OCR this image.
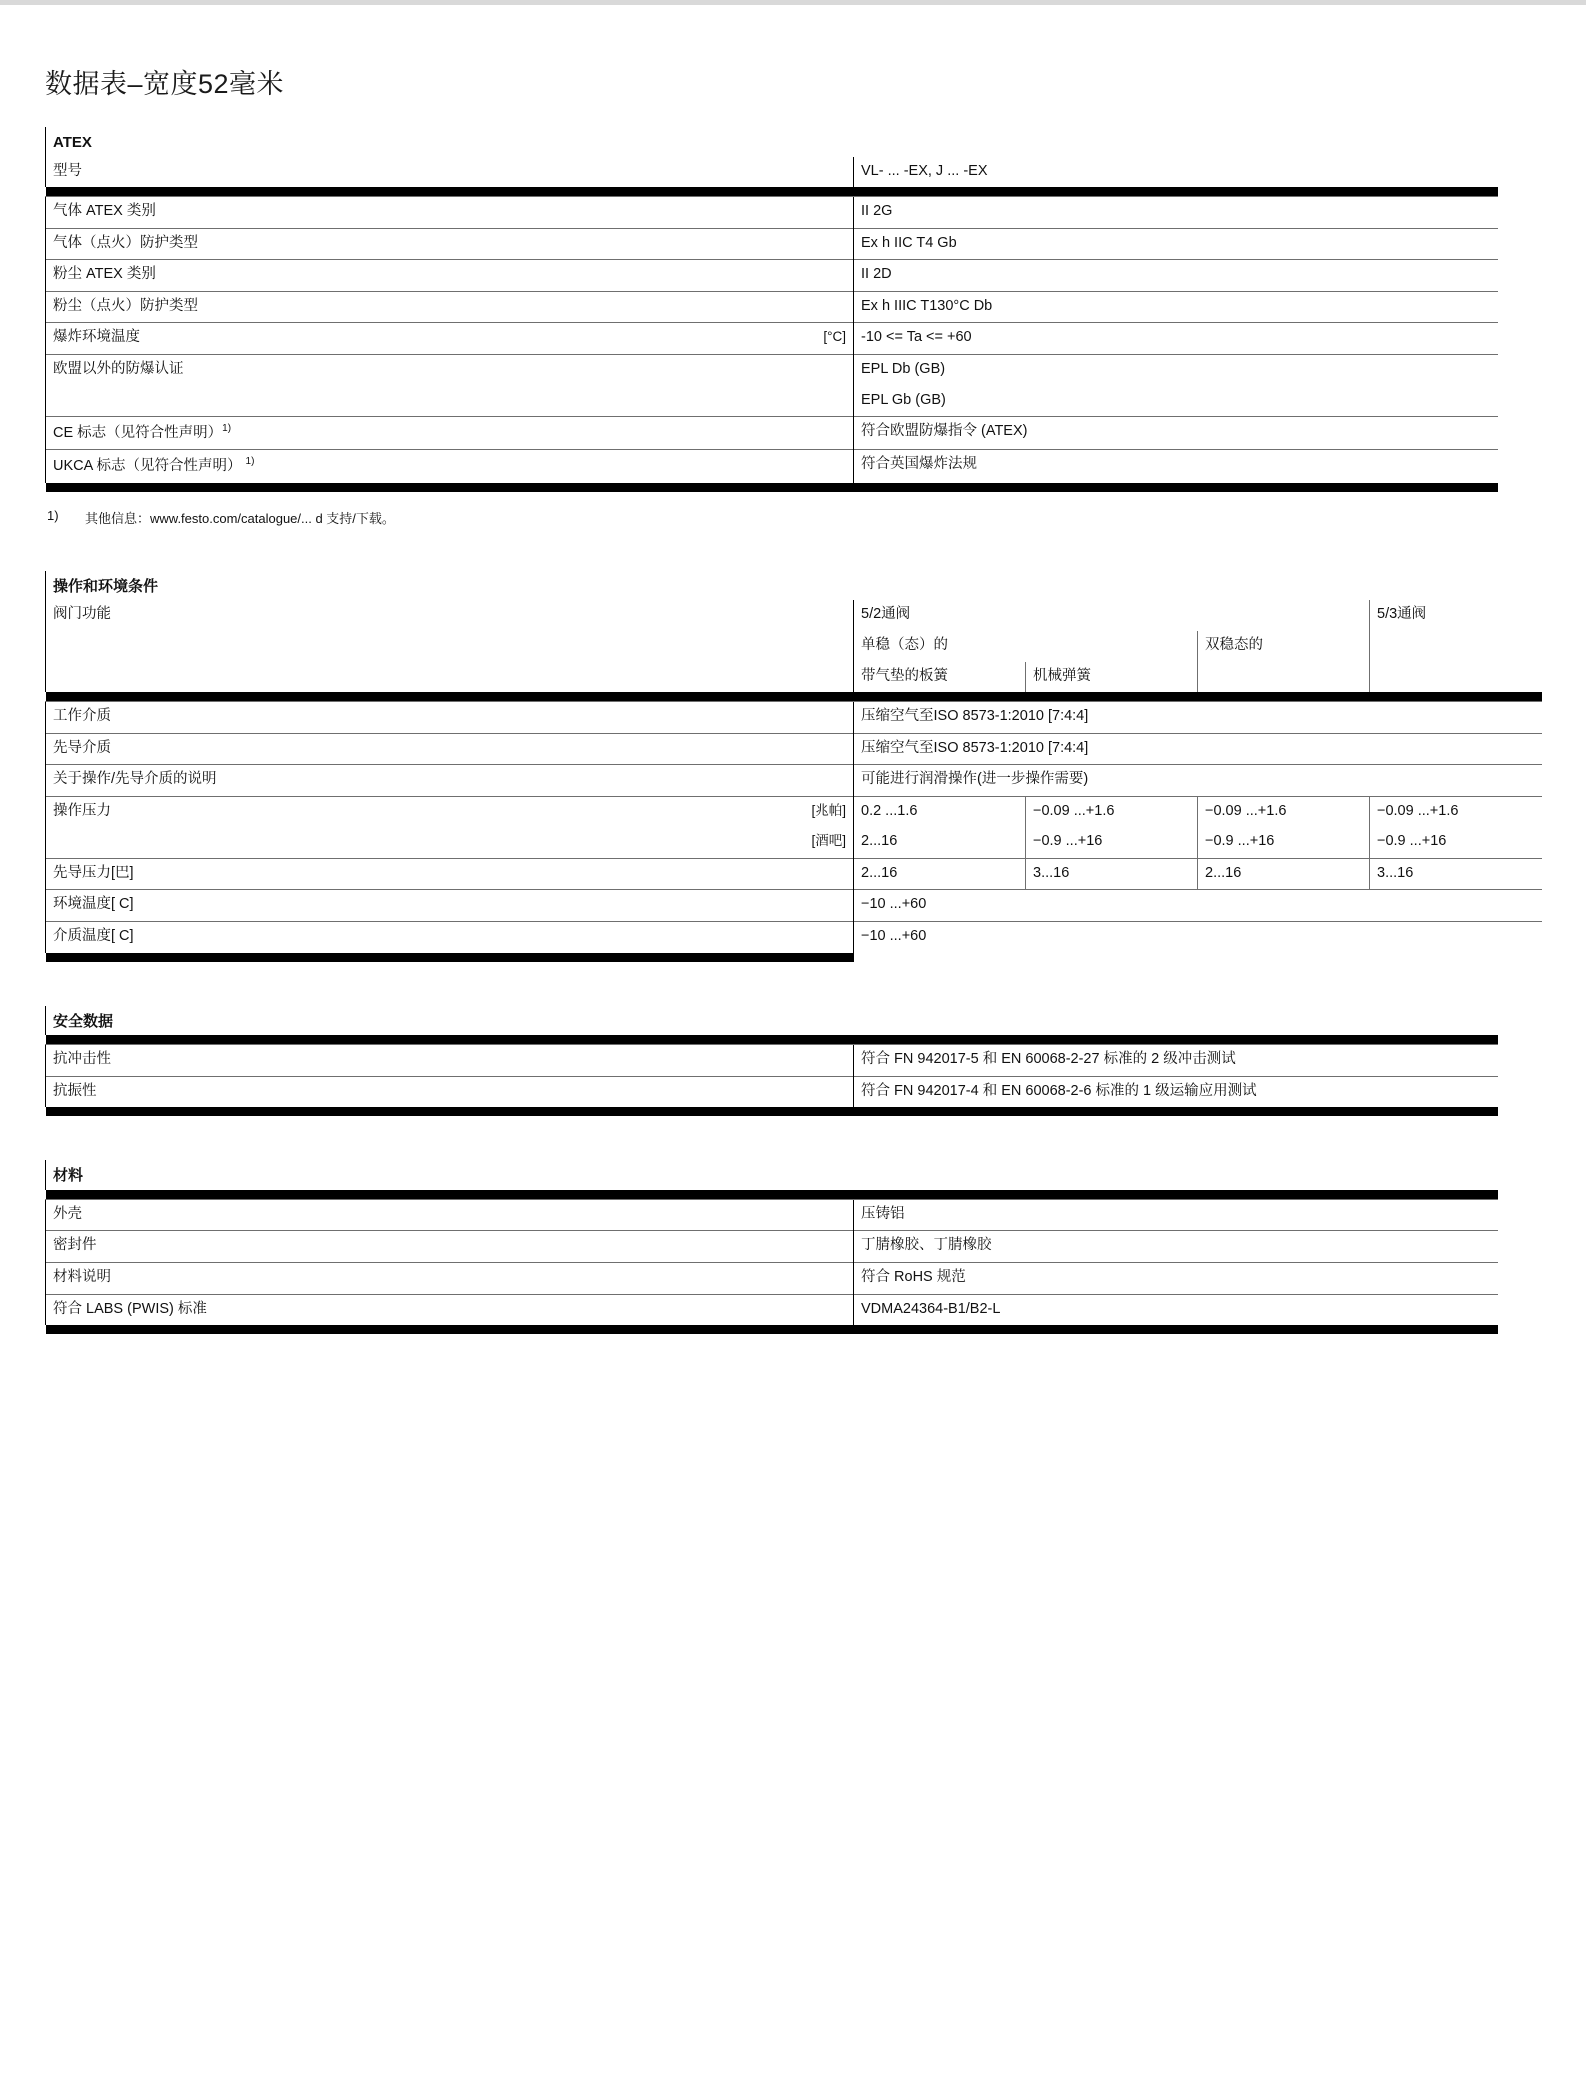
数据表–宽度52毫米
ATEX		
型号		VL- ... -EX, J ... -EX

气体 ATEX 类别		II 2G
气体（点火）防护类型		Ex h IIC T4 Gb
粉尘 ATEX 类别		II 2D
粉尘（点火）防护类型		Ex h IIIC T130°C Db
爆炸环境温度	[°C]	-10 <= Ta <= +60
欧盟以外的防爆认证		EPL Db (GB)
		EPL Gb (GB)
CE 标志（见符合性声明）$^{1)}$		符合欧盟防爆指令 (ATEX)
UKCA 标志（见符合性声明） $^{1)}$		符合英国爆炸法规

1)	其他信息：www.festo.com/catalogue/... d 支持/下载。
操作和环境条件					
阀门功能		5/2通阀			5/3通阀
		单稳（态）的		双稳态的	
		带气垫的板簧	机械弹簧		

工作介质		压缩空气至ISO 8573-1:2010 [7:4:4]			
先导介质		压缩空气至ISO 8573-1:2010 [7:4:4]			
关于操作/先导介质的说明		可能进行润滑操作(进一步操作需要)			
操作压力	[兆帕]	0.2 ...1.6	−0.09 ...+1.6	−0.09 ...+1.6	−0.09 ...+1.6
	[酒吧]	2...16	−0.9 ...+16	−0.9 ...+16	−0.9 ...+16
先导压力[巴]		2...16	3...16	2...16	3...16
环境温度[ C]		−10 ...+60			
介质温度[ C]		−10 ...+60			

安全数据		

抗冲击性		符合 FN 942017-5 和 EN 60068-2-27 标准的 2 级冲击测试
抗振性		符合 FN 942017-4 和 EN 60068-2-6 标准的 1 级运输应用测试

材料		

外壳		压铸铝
密封件		丁腈橡胶、丁腈橡胶
材料说明		符合 RoHS 规范
符合 LABS (PWIS) 标准		VDMA24364-B1/B2-L
